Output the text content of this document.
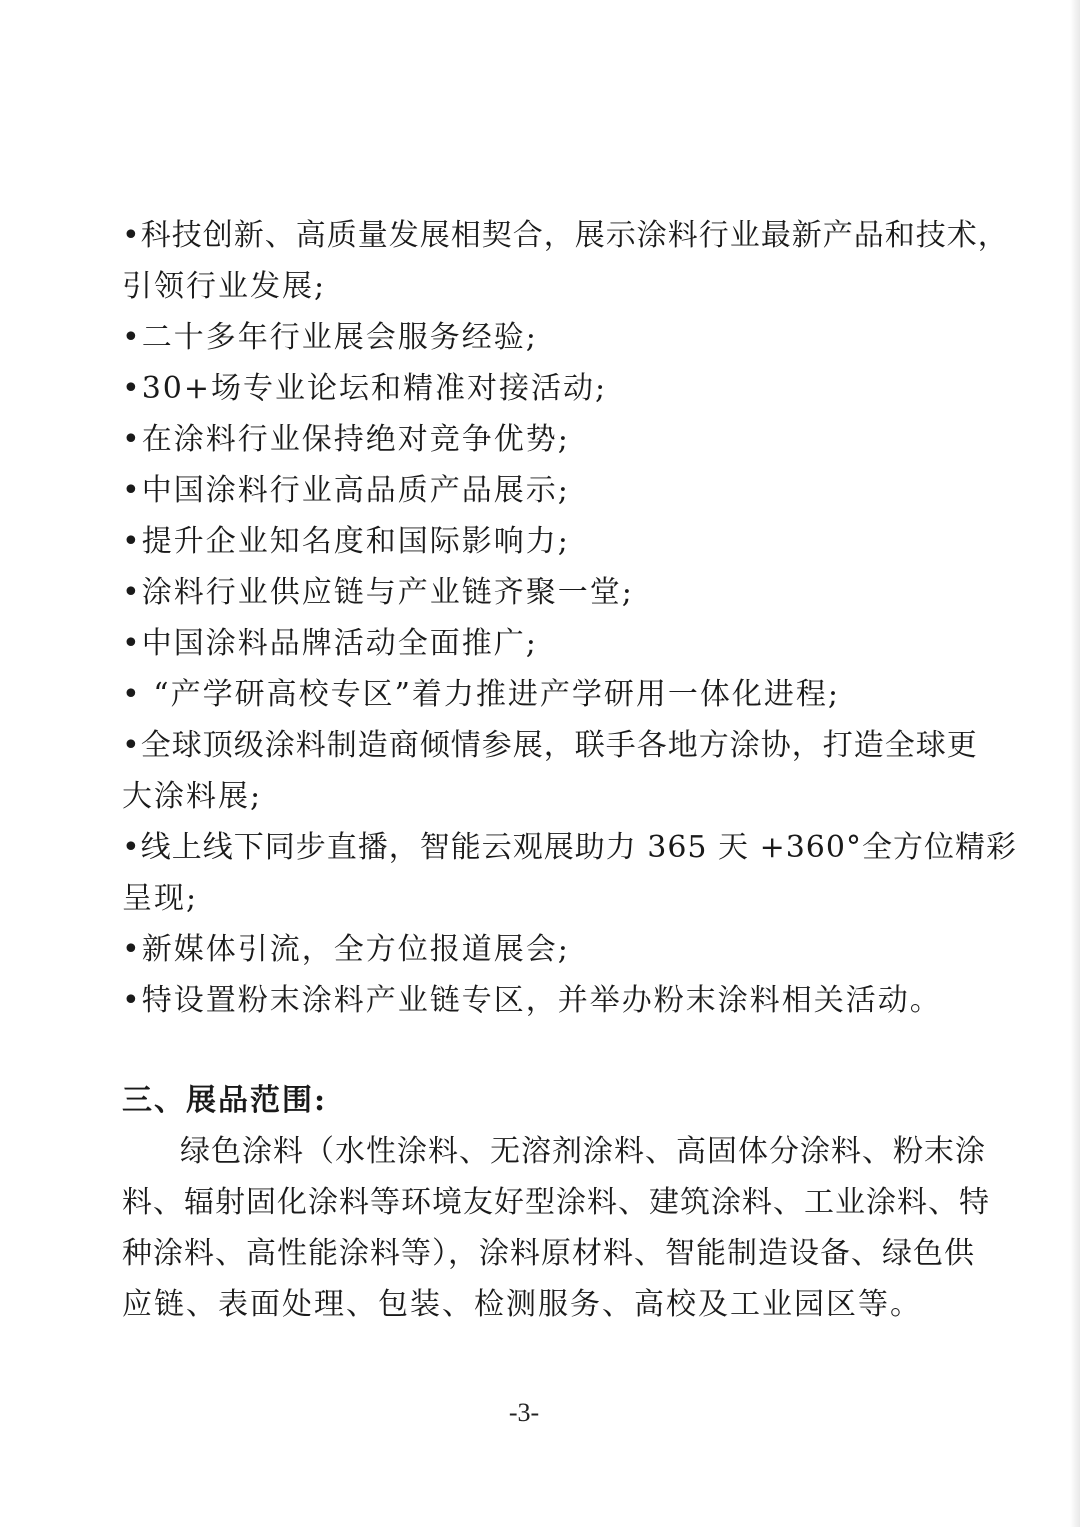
•科技创新、高质量发展相契合，展示涂料行业最新产品和技术，
引领行业发展;
•二十多年行业展会服务经验;
•30+场专业论坛和精准对接活动;
•在涂料行业保持绝对竞争优势;
•中国涂料行业高品质产品展示;
•提升企业知名度和国际影响力;
•涂料行业供应链与产业链齐聚一堂;
•中国涂料品牌活动全面推广;
• “产学研高校专区”着力推进产学研用一体化进程;
•全球顶级涂料制造商倾情参展，联手各地方涂协，打造全球更
大涂料展;
•线上线下同步直播，智能云观展助力 365 天 +360°全方位精彩
呈现;
•新媒体引流，全方位报道展会;
•特设置粉末涂料产业链专区，并举办粉末涂料相关活动。
三、展品范围:
绿色涂料（水性涂料、无溶剂涂料、高固体分涂料、粉末涂
料、辐射固化涂料等环境友好型涂料、建筑涂料、工业涂料、特
种涂料、高性能涂料等），涂料原材料、智能制造设备、绿色供
应链、表面处理、包装、检测服务、高校及工业园区等。
-3-
